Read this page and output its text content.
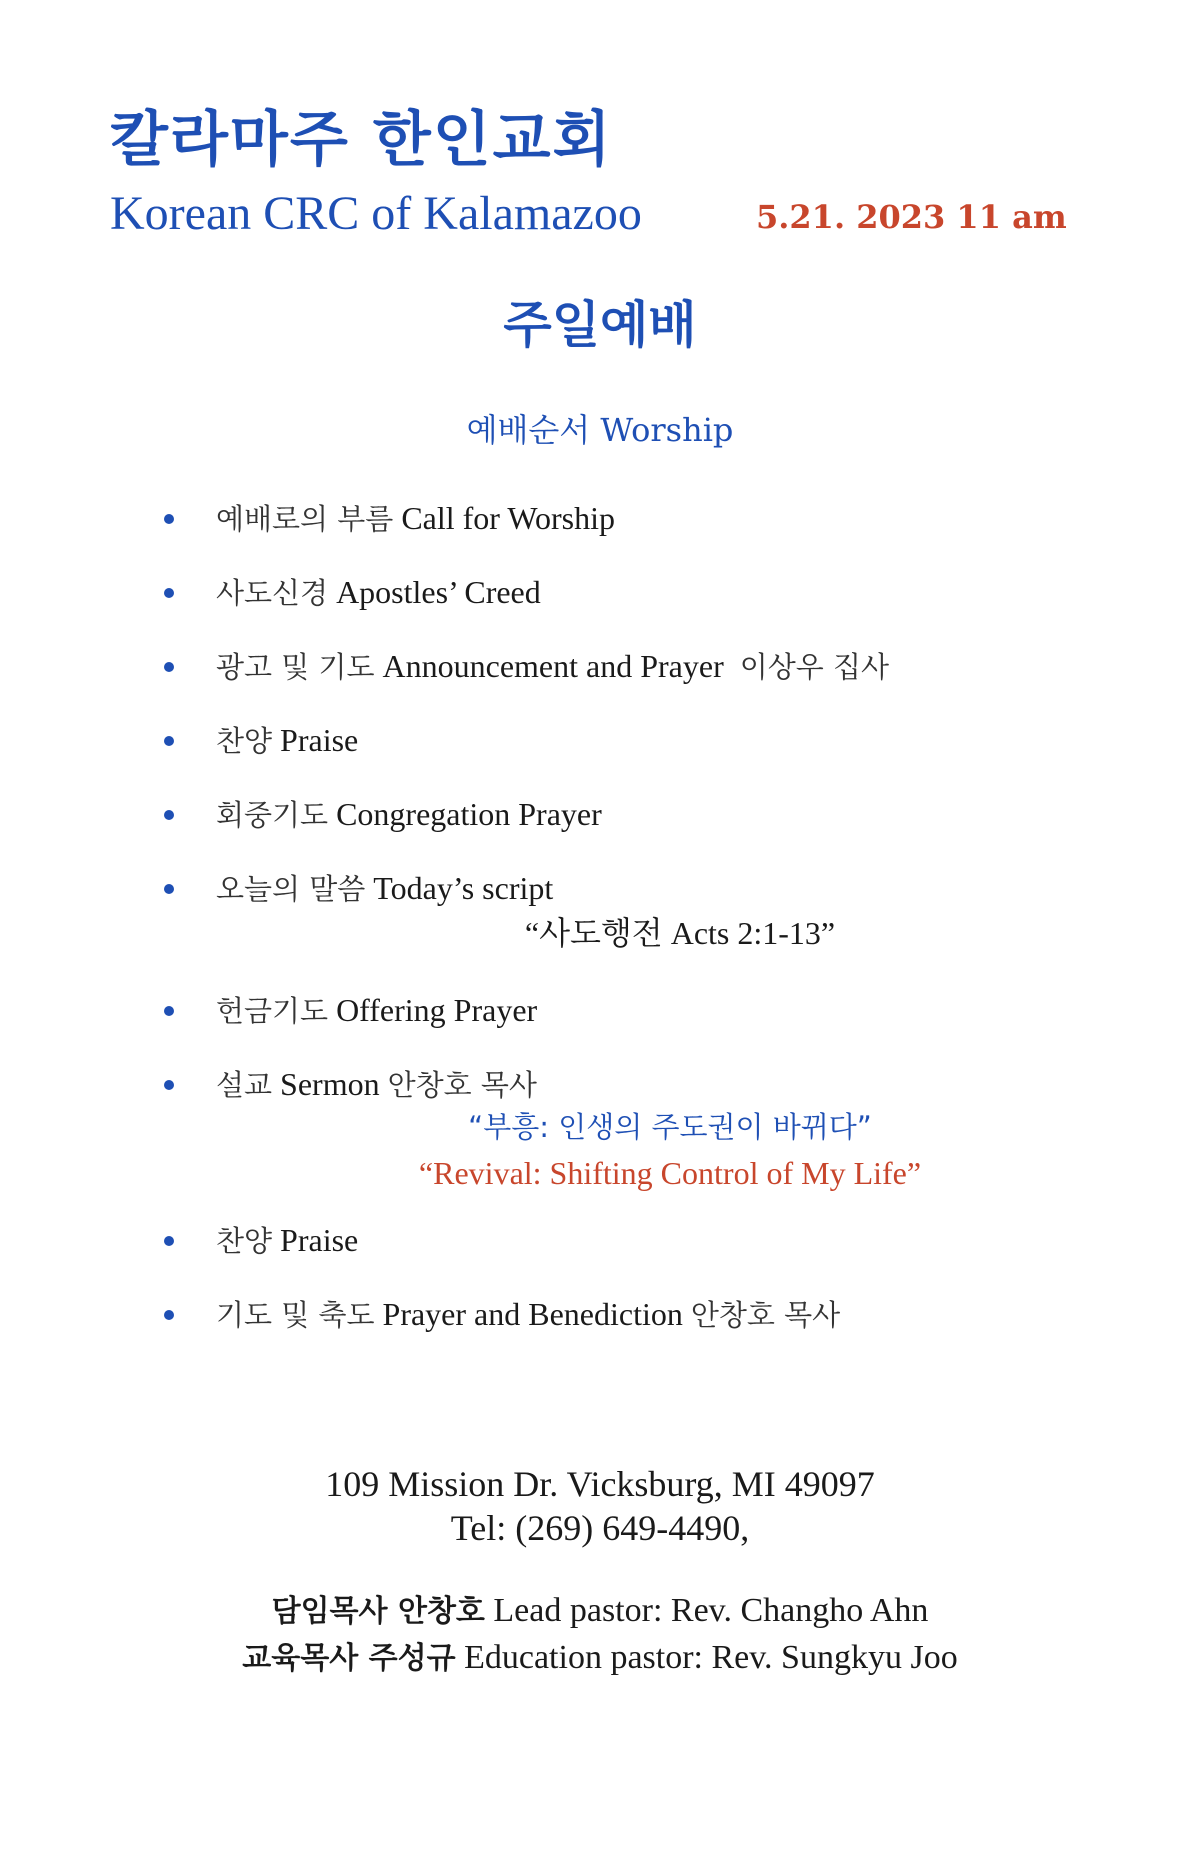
칼라마주 한인교회
Korean CRC of Kalamazoo	5.21. 2023 11 am
주일예배
예배순서 Worship
예배로의 부름 Call for Worship
사도신경 Apostles’ Creed
광고 및 기도 Announcement and Prayer 이상우 집사
찬양 Praise
회중기도 Congregation Prayer
오늘의 말씀 Today’s script
“사도행전 Acts 2:1-13”
헌금기도 Offering Prayer
설교 Sermon 안창호 목사
“부흥: 인생의 주도권이 바뀌다”
“Revival: Shifting Control of My Life”
찬양 Praise
기도 및 축도 Prayer and Benediction 안창호 목사
109 Mission Dr. Vicksburg, MI 49097
Tel: (269) 649-4490,
담임목사 안창호 Lead pastor: Rev. Changho Ahn
교육목사 주성규 Education pastor: Rev. Sungkyu Joo
